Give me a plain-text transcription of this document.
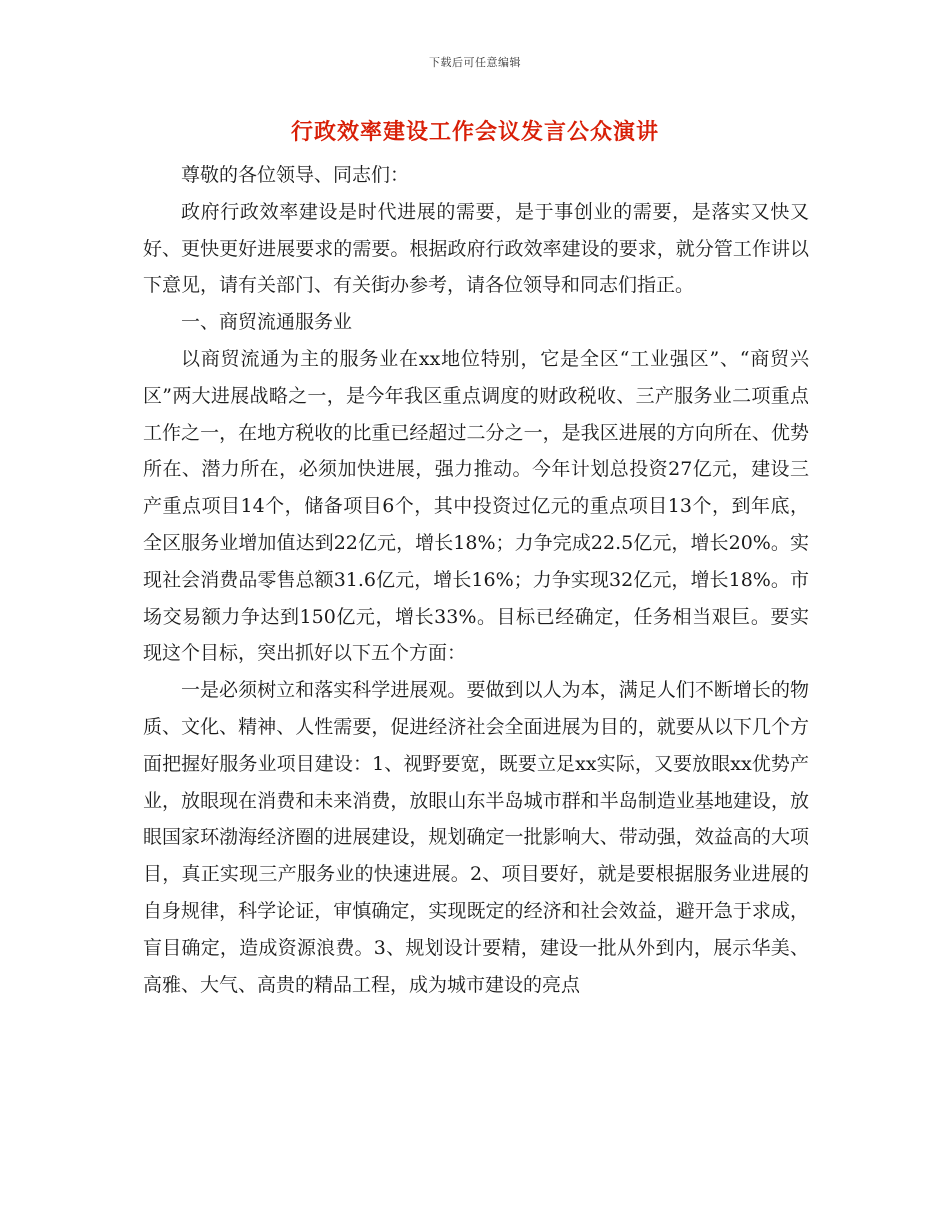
下载后可任意编辑
行政效率建设工作会议发言公众演讲

尊敬的各位领导、同志们：

政府行政效率建设是时代进展的需要，是于事创业的需要，是落实又快又好、更快更好进展要求的需要。根据政府行政效率建设的要求，就分管工作讲以下意见，请有关部门、有关街办参考，请各位领导和同志们指正。

一、商贸流通服务业

以商贸流通为主的服务业在xx地位特别，它是全区“工业强区”、“商贸兴区”两大进展战略之一，是今年我区重点调度的财政税收、三产服务业二项重点工作之一，在地方税收的比重已经超过二分之一，是我区进展的方向所在、优势所在、潜力所在，必须加快进展，强力推动。今年计划总投资27亿元，建设三产重点项目14个，储备项目6个，其中投资过亿元的重点项目13个，到年底，全区服务业增加值达到22亿元，增长18%；力争完成22.5亿元，增长20%。实现社会消费品零售总额31.6亿元，增长16%；力争实现32亿元，增长18%。市场交易额力争达到150亿元，增长33%。目标已经确定，任务相当艰巨。要实现这个目标，突出抓好以下五个方面：

一是必须树立和落实科学进展观。要做到以人为本，满足人们不断增长的物质、文化、精神、人性需要，促进经济社会全面进展为目的，就要从以下几个方面把握好服务业项目建设：1、视野要宽，既要立足xx实际，又要放眼xx优势产业，放眼现在消费和未来消费，放眼山东半岛城市群和半岛制造业基地建设，放眼国家环渤海经济圈的进展建设，规划确定一批影响大、带动强，效益高的大项目，真正实现三产服务业的快速进展。2、项目要好，就是要根据服务业进展的自身规律，科学论证，审慎确定，实现既定的经济和社会效益，避开急于求成，盲目确定，造成资源浪费。3、规划设计要精，建设一批从外到内，展示华美、高雅、大气、高贵的精品工程，成为城市建设的亮点
